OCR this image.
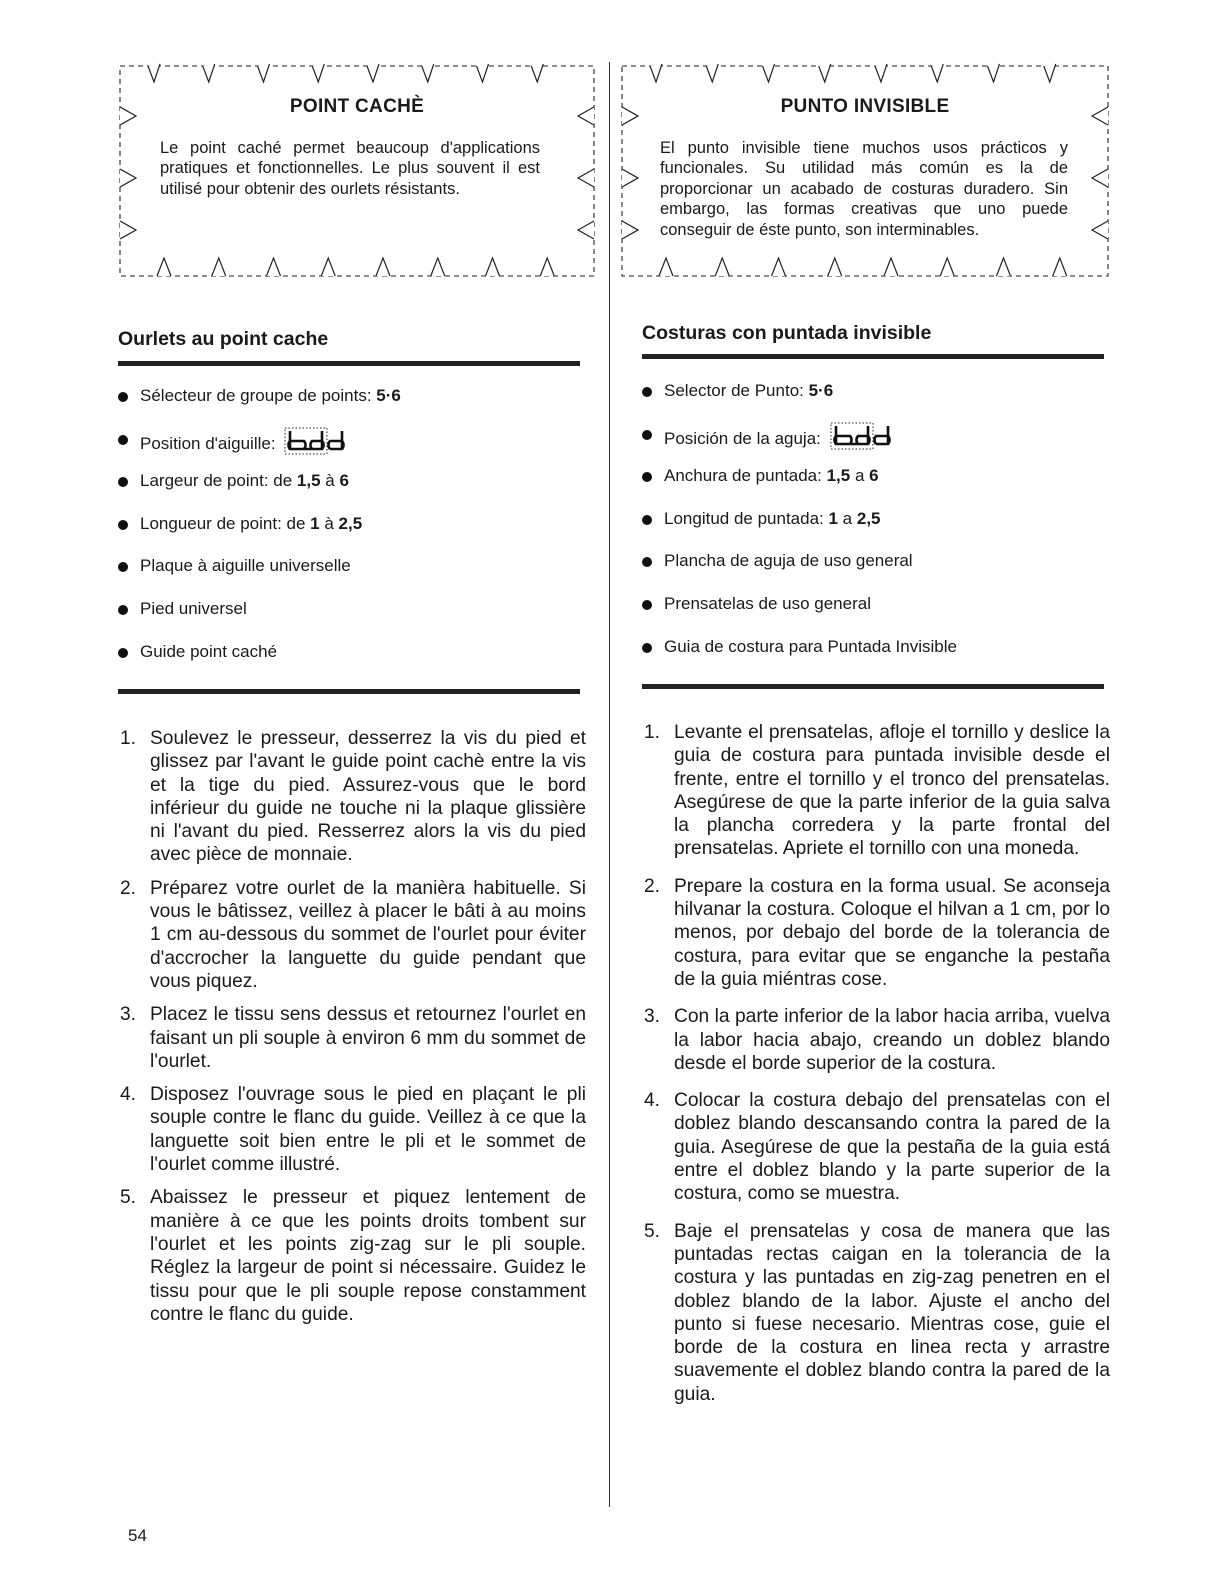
POINT CACHÈ
Le point caché permet beaucoup d'applications pratiques et fonctionnelles. Le plus souvent il est utilisé pour obtenir des ourlets résistants.
Ourlets au point cache
Sélecteur de groupe de points: 5·6
Position d'aiguille:
Largeur de point: de 1,5 à 6
Longueur de point: de 1 à 2,5
Plaque à aiguille universelle
Pied universel
Guide point caché
1. Soulevez le presseur, desserrez la vis du pied et glissez par l'avant le guide point cachè entre la vis et la tige du pied. Assurez-vous que le bord inférieur du guide ne touche ni la plaque glissière ni l'avant du pied. Resserrez alors la vis du pied avec pièce de monnaie.
2. Préparez votre ourlet de la manièra habituelle. Si vous le bâtissez, veillez à placer le bâti à au moins 1 cm au-dessous du sommet de l'ourlet pour éviter d'accrocher la languette du guide pendant que vous piquez.
3. Placez le tissu sens dessus et retournez l'ourlet en faisant un pli souple à environ 6 mm du sommet de l'ourlet.
4. Disposez l'ouvrage sous le pied en plaçant le pli souple contre le flanc du guide. Veillez à ce que la languette soit bien entre le pli et le sommet de l'ourlet comme illustré.
5. Abaissez le presseur et piquez lentement de manière à ce que les points droits tombent sur l'ourlet et les points zig-zag sur le pli souple. Réglez la largeur de point si nécessaire. Guidez le tissu pour que le pli souple repose constamment contre le flanc du guide.
PUNTO INVISIBLE
El punto invisible tiene muchos usos prácticos y funcionales. Su utilidad más común es la de proporcionar un acabado de costuras duradero. Sin embargo, las formas creativas que uno puede conseguir de éste punto, son interminables.
Costuras con puntada invisible
Selector de Punto: 5·6
Posición de la aguja:
Anchura de puntada: 1,5 a 6
Longitud de puntada: 1 a 2,5
Plancha de aguja de uso general
Prensatelas de uso general
Guia de costura para Puntada Invisible
1. Levante el prensatelas, afloje el tornillo y deslice la guia de costura para puntada invisible desde el frente, entre el tornillo y el tronco del prensatelas. Asegúrese de que la parte inferior de la guia salva la plancha corredera y la parte frontal del prensatelas. Apriete el tornillo con una moneda.
2. Prepare la costura en la forma usual. Se aconseja hilvanar la costura. Coloque el hilvan a 1 cm, por lo menos, por debajo del borde de la tolerancia de costura, para evitar que se enganche la pestaña de la guia miéntras cose.
3. Con la parte inferior de la labor hacia arriba, vuelva la labor hacia abajo, creando un doblez blando desde el borde superior de la costura.
4. Colocar la costura debajo del prensatelas con el doblez blando descansando contra la pared de la guia. Asegúrese de que la pestaña de la guia está entre el doblez blando y la parte superior de la costura, como se muestra.
5. Baje el prensatelas y cosa de manera que las puntadas rectas caigan en la tolerancia de la costura y las puntadas en zig-zag penetren en el doblez blando de la labor. Ajuste el ancho del punto si fuese necesario. Mientras cose, guie el borde de la costura en linea recta y arrastre suavemente el doblez blando contra la pared de la guia.
54
